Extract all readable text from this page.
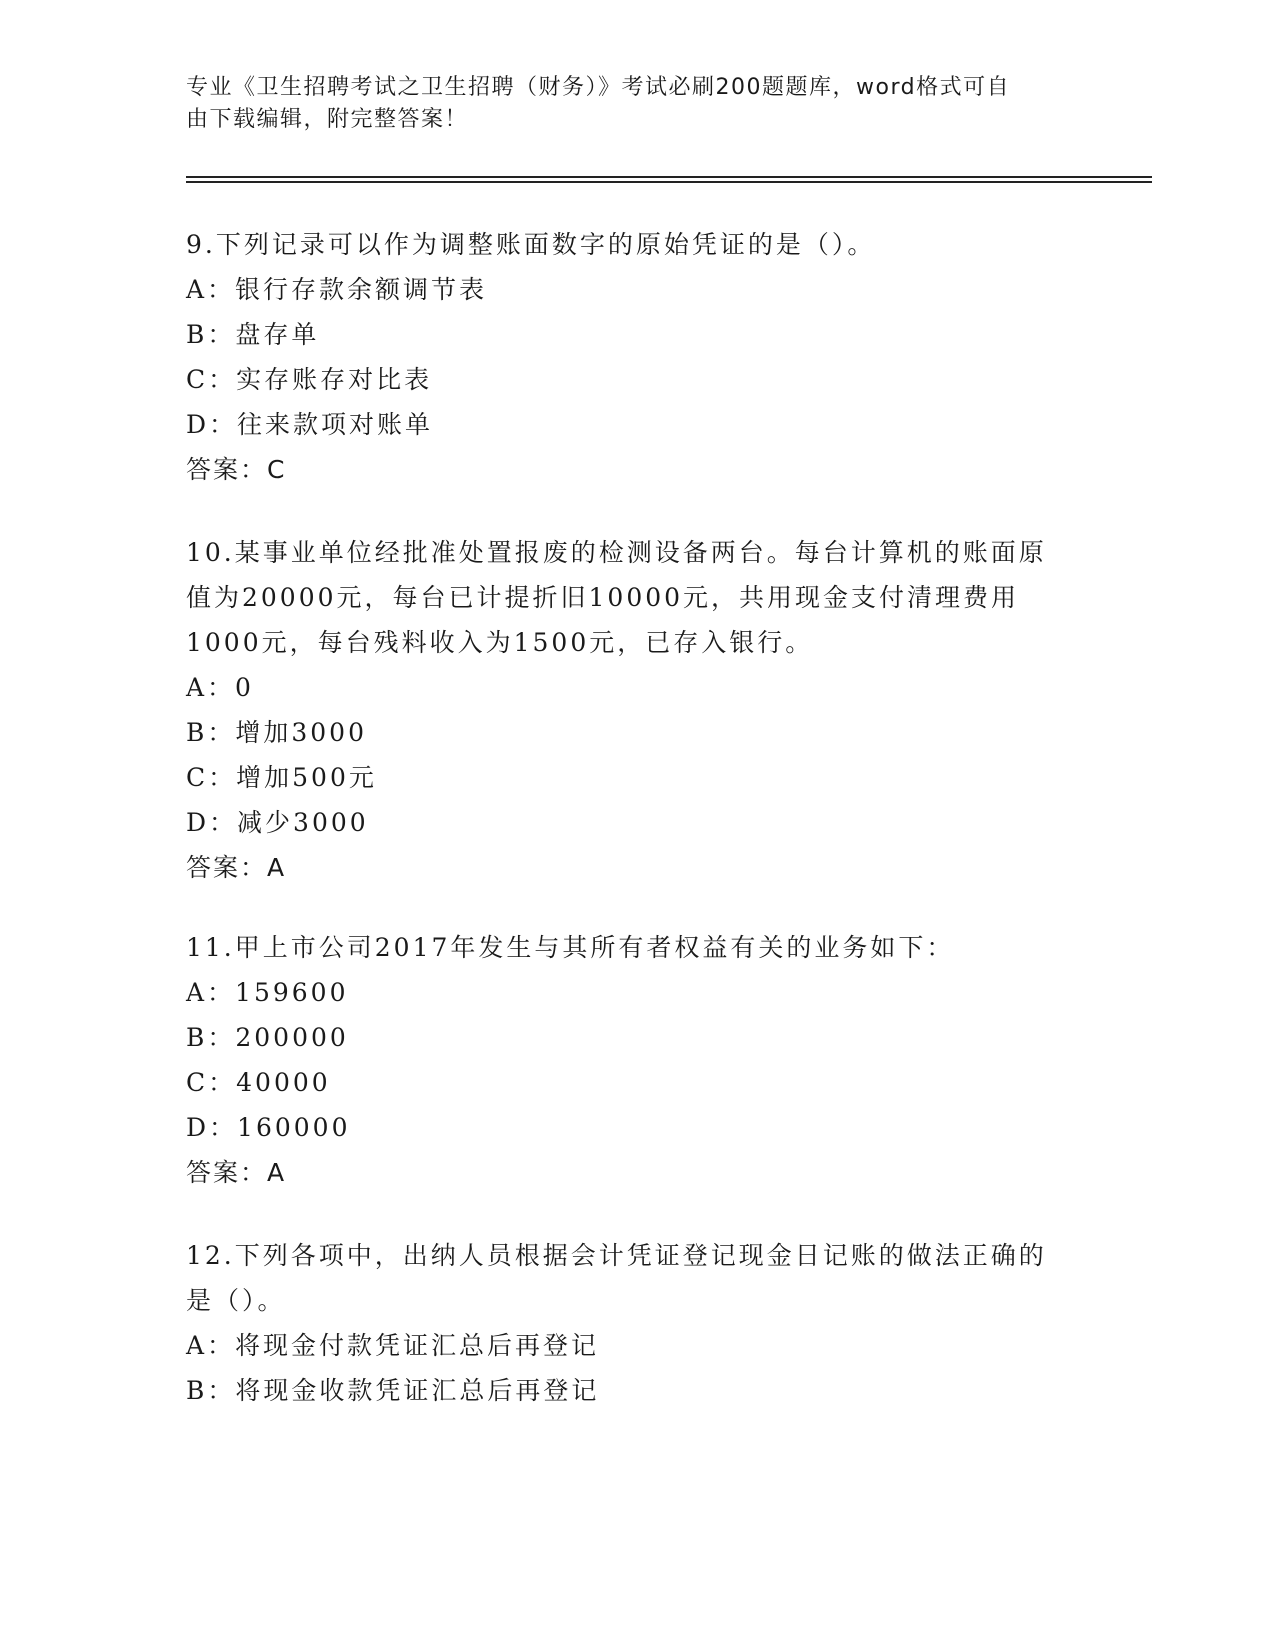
专业《卫生招聘考试之卫生招聘（财务）》考试必刷200题题库，word格式可自
由下载编辑，附完整答案！
9.下列记录可以作为调整账面数字的原始凭证的是（）。
A：银行存款余额调节表
B：盘存单
C：实存账存对比表
D：往来款项对账单
答案：C
10.某事业单位经批准处置报废的检测设备两台。每台计算机的账面原
值为20000元，每台已计提折旧10000元，共用现金支付清理费用
1000元，每台残料收入为1500元，已存入银行。
A：0
B：增加3000
C：增加500元
D：减少3000
答案：A
11.甲上市公司2017年发生与其所有者权益有关的业务如下：
A：159600
B：200000
C：40000
D：160000
答案：A
12.下列各项中，出纳人员根据会计凭证登记现金日记账的做法正确的
是（）。
A：将现金付款凭证汇总后再登记
B：将现金收款凭证汇总后再登记
